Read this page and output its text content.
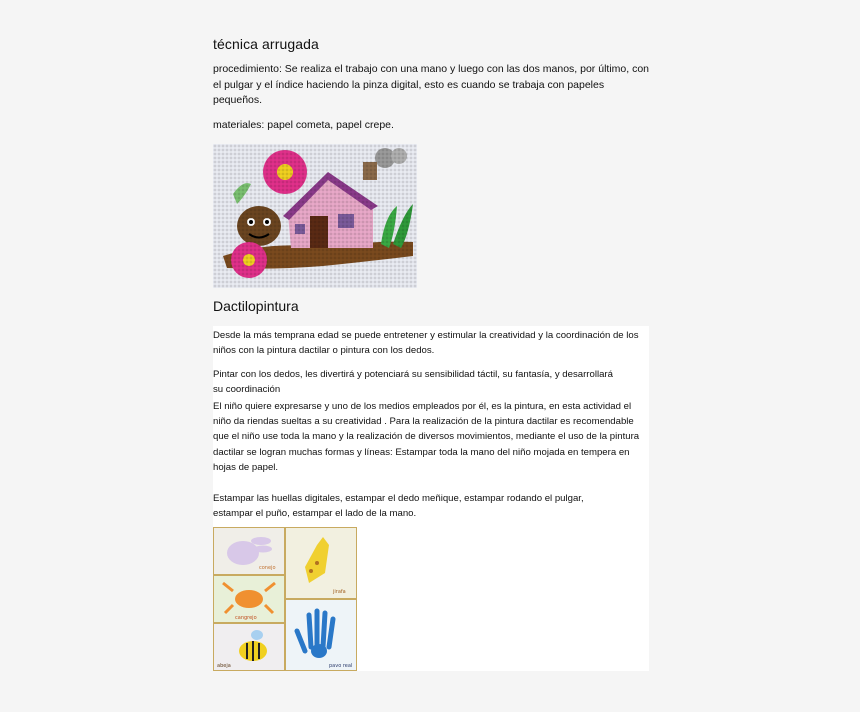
técnica arrugada

procedimiento: Se realiza el trabajo con una mano y luego con las dos manos, por último, con el pulgar y el índice haciendo la pinza digital, esto es cuando se trabaja con papeles pequeños.

materiales: papel cometa, papel crepe.

Dactilopintura

Desde la más temprana edad se puede entretener y estimular la creatividad y la coordinación de los niños con la pintura dactilar o pintura con los dedos.

Pintar con los dedos, les divertirá y potenciará su sensibilidad táctil, su fantasía, y desarrollará su coordinación

El niño quiere expresarse y uno de los medios empleados por él, es la pintura, en esta actividad el niño da riendas sueltas a su creatividad . Para la realización de la pintura dactilar es recomendable que el niño use toda la mano y la realización de diversos movimientos, mediante el uso de la pintura dactilar se logran muchas formas y líneas: Estampar toda la mano del niño mojada en tempera en hojas de papel.

Estampar las huellas digitales, estampar el dedo meñique, estampar rodando el pulgar, estampar el puño, estampar el lado de la mano.

conejo
jirafa
cangrejo
abeja	pavo real
